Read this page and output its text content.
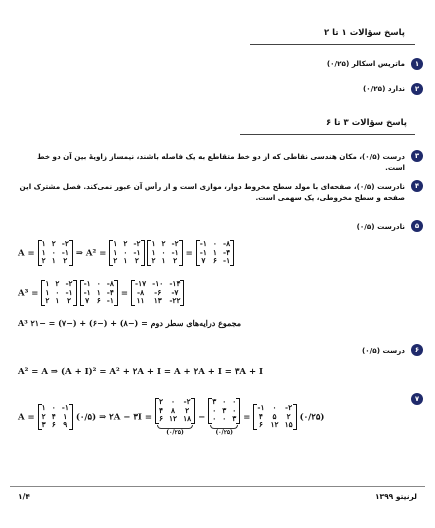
پاسخ سؤالات ۱ تا ۲
۱
ماتریس اسکالر (۰/۲۵)
۲
ندارد (۰/۲۵)
پاسخ سؤالات ۳ تا ۶
۳
درست (۰/۵)، مکان هندسی نقاطی که از دو خط متقاطع به یک فاصله باشند، نیمساز زاویهٔ بین آن دو خط است.
۴
نادرست (۰/۵)، صفحه‌ای با مولد سطح مخروط دوار، موازی است و از رأس آن عبور نمی‌کند. فصل مشترک این صفحه و سطح مخروطی، یک سهمی است.
۵
نادرست (۰/۵)
A =
۱ ۲ -۲
۱ ۰ -۱
۲ ۱ ۲
⇒ A² =
۱ ۲ -۲
۱ ۰ -۱
۲ ۱ ۲

۱ ۲ -۲
۱ ۰ -۱
۲ ۱ ۲
=
-۱ ۰ -۸
-۱ ۱ -۴
۷ ۶ -۱
A³ =
۱ ۲ -۲
۱ ۰ -۱
۲ ۱ ۲

-۱ ۰ -۸
-۱ ۱ -۴
۷ ۶ -۱
=
-۱۷ -۱۰ -۱۴
-۸ -۶ -۷
۱۱ ۱۳ -۲۲
A³ مجموع درایه‌های سطر دوم = (−۸) + (−۶) + (−۷) = −۲۱
۶
درست (۰/۵)
A² = A ⇒ (A + I)² = A² + ۲A + I = A + ۲A + I = ۳A + I
۷
A =
۱ ۰ -۱
۲ ۴ ۱
۳ ۶ ۹
(۰/۵) ⇒ ۲A − ۳I =
۲ ۰ -۲
۴ ۸ ۲
۶ ۱۲ ۱۸
(۰/۲۵)
−
۳ ۰ ۰
۰ ۳ ۰
۰ ۰ ۳
(۰/۲۵)
=
-۱ ۰ -۲
۴ ۵ ۲
۶ ۱۲ ۱۵
(۰/۲۵)
لرنیتو ۱۳۹۹
۱/۴
